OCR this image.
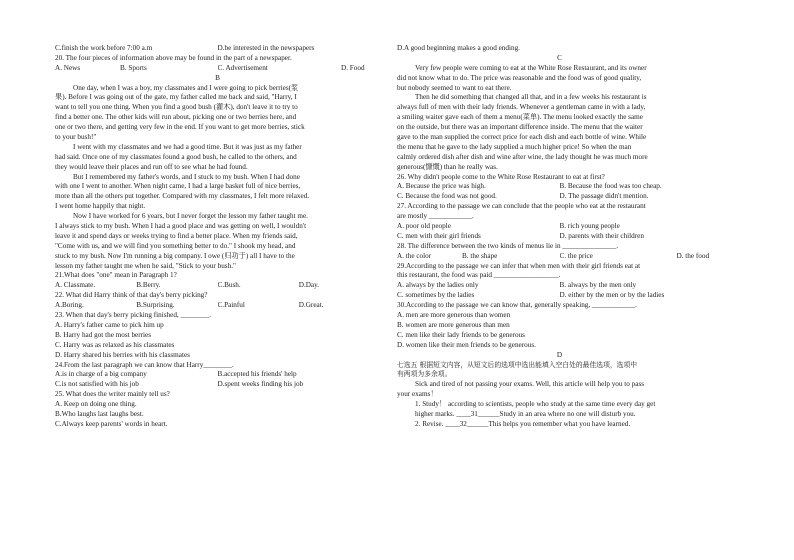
C.finish the work before 7:00 a.m	D.be interested in the newspapers
20. The four pieces of information above may be found in the part of a newspaper.
A. News	B. Sports	C. Advertisement	D. Food
B
One day, when I was a boy, my classmates and I were going to pick berries(浆
果). Before I was going out of the gate, my father called me back and said, "Harry, I
want to tell you one thing. When you find a good bush (灌木), don't leave it to try to
find a better one. The other kids will run about, picking one or two berries here, and
one or two there, and getting very few in the end. If you want to get more berries, stick
to your bush!"
I went with my classmates and we had a good time. But it was just as my father
had said. Once one of my classmates found a good bush, he called to the others, and
they would leave their places and run off to see what he had found.
But I remembered my father's words, and I stuck to my bush. When I had done
with one I went to another. When night came, I had a large basket full of nice berries,
more than all the others put together. Compared with my classmates, I felt more relaxed.
I went home happily that night.
Now I have worked for 6 years, but I never forget the lesson my father taught me.
I always stick to my bush. When I had a good place and was getting on well, I wouldn't
leave it and spend days or weeks trying to find a better place. When my friends said,
"Come with us, and we will find you something better to do." I shook my head, and
stuck to my bush. Now I'm running a big company. I owe (归功于) all I have to the
lesson my father taught me when he said, "Stick to your bush."
21.What does "one" mean in Paragraph 1?
A. Classmate.	B.Berry.	C.Bush.	D.Day.
22. What did Harry think of that day's berry picking?
A.Boring.	B.Surprising.	C.Painful	D.Great.
23. When that day's berry picking finished, ________.
A. Harry's father came to pick him up
B. Harry had got the most berries
C. Harry was as relaxed as his classmates
D. Harry shared his berries with his classmates
24.From the last paragraph we can know that Harry________.
A.is in charge of a big company	B.accepted his friends' help
C.is not satisfied with his job	D.spent weeks finding his job
25. What does the writer mainly tell us?
A. Keep on doing one thing.
B.Who laughs last laughs best.
C.Always keep parents' words in heart.
D.A good beginning makes a good ending.
C
Very few people were coming to eat at the White Rose Restaurant, and its owner
did not know what to do. The price was reasonable and the food was of good quality,
but nobody seemed to want to eat there.
Then he did something that changed all that, and in a few weeks his restaurant is
always full of men with their lady friends. Whenever a gentleman came in with a lady,
a smiling waiter gave each of them a menu(菜单). The menu looked exactly the same
on the outside, but there was an important difference inside. The menu that the waiter
gave to the man supplied the correct price for each dish and each bottle of wine. While
the menu that he gave to the lady supplied a much higher price! So when the man
calmly ordered dish after dish and wine after wine, the lady thought he was much more
generous(慷慨) than he really was.
26. Why didn't people come to the White Rose Restaurant to eat at first?
A. Because the price was high.	B. Because the food was too cheap.
C. Because the food was not good.	D. The passage didn't mention.
27. According to the passage we can conclude that the people who eat at the restaurant
are mostly ____________.
A. poor old people	B. rich young people
C. men with their girl friends	D. parents with their children
28. The difference between the two kinds of menus lie in _______________.
A. the color	B. the shape	C. the price	D. the food
29.According to the passage we can infer that when men with their girl friends eat at
this restaurant, the food was paid __________________.
A. always by the ladies only	B. always by the men only
C. sometimes by the ladies	D. either by the men or by the ladies
30.According to the passage we can know that, generally speaking, ____________.
A. men are more generous than women
B. women are more generous than men
C. men like their lady friends to be generous
D. women like their men friends to be generous.
D
七选五 根据短文内容，从短文后的选项中选出能填入空白处的最佳选项，选项中
有两项为多余项。
Sick and tired of not passing your exams. Well, this article will help you to pass
your exams！
1. Study！ according to scientists, people who study at the same time every day get
higher marks. ____31______Study in an area where no one will disturb you.
2. Revise. ____32______This helps you remember what you have learned.
